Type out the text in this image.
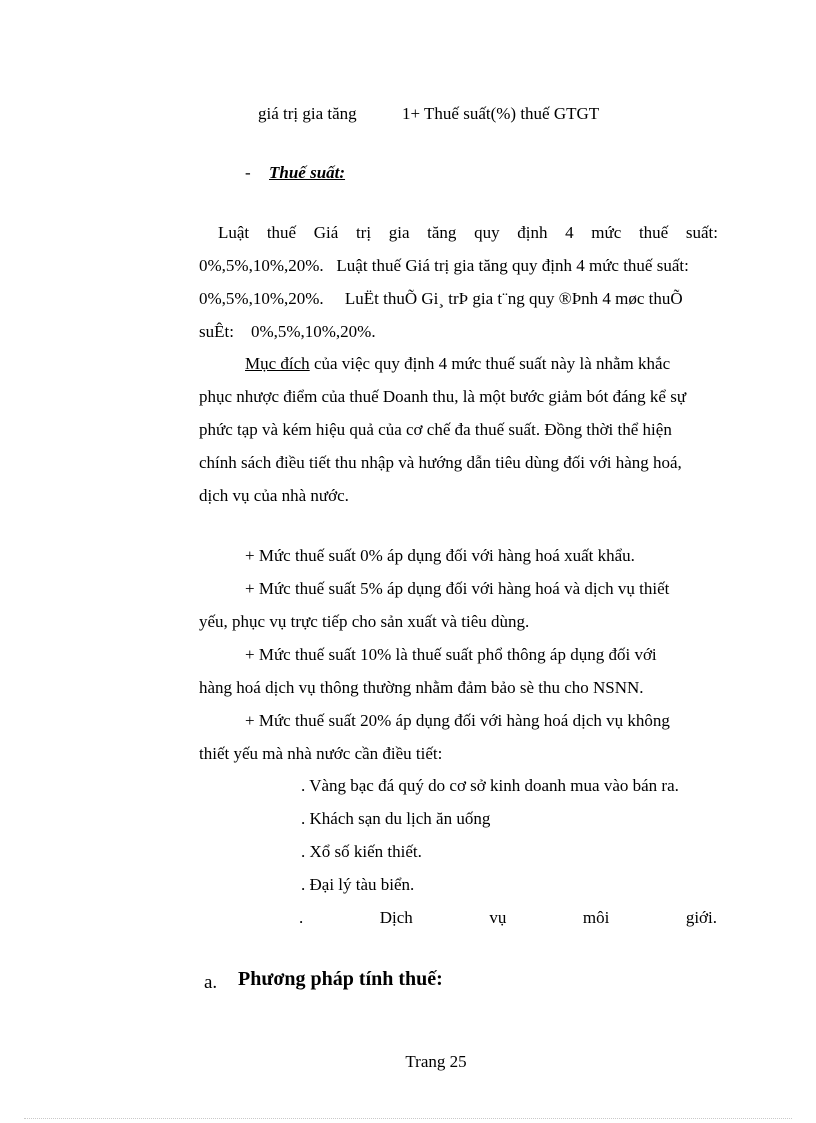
giá trị gia tăng	1+ Thuế suất(%) thuế GTGT
- Thuế suất:
Luật thuế Giá trị gia tăng quy định 4 mức thuế suất:
0%,5%,10%,20%.   Luật thuế Giá trị gia tăng quy định 4 mức thuế suất:
0%,5%,10%,20%.     LuËt thuÕ Gi¸ trÞ gia t¨ng quy ®Þnh 4 møc thuÕ
suÊt:    0%,5%,10%,20%.
Mục đích của việc quy định 4 mức thuế suất này là nhằm khắc
phục nhược điểm của thuế Doanh thu, là một bước giảm bót đáng kể sự
phức tạp và kém hiệu quả của cơ chế đa thuế suất. Đồng thời thể hiện
chính sách điều tiết thu nhập và hướng dẫn tiêu dùng đối với hàng hoá,
dịch vụ của nhà nước.
+ Mức thuế suất 0% áp dụng đối với hàng hoá xuất khẩu.
+ Mức thuế suất 5% áp dụng đối với hàng hoá và dịch vụ thiết
yếu, phục vụ trực tiếp cho sản xuất và tiêu dùng.
+ Mức thuế suất 10% là thuế suất phổ thông áp dụng đối với
hàng hoá dịch vụ thông thường nhằm đảm bảo sè thu cho NSNN.
+ Mức thuế suất 20% áp dụng đối với hàng hoá dịch vụ không
thiết yếu mà nhà nước cần điều tiết:
. Vàng bạc đá quý do cơ sở kinh doanh mua vào bán ra.
. Khách sạn du lịch ăn uống
. Xổ số kiến thiết.
. Đại lý tàu biển.
.	Dịch	vụ	môi	giới.
a. Phương pháp tính thuế:
Trang 25
